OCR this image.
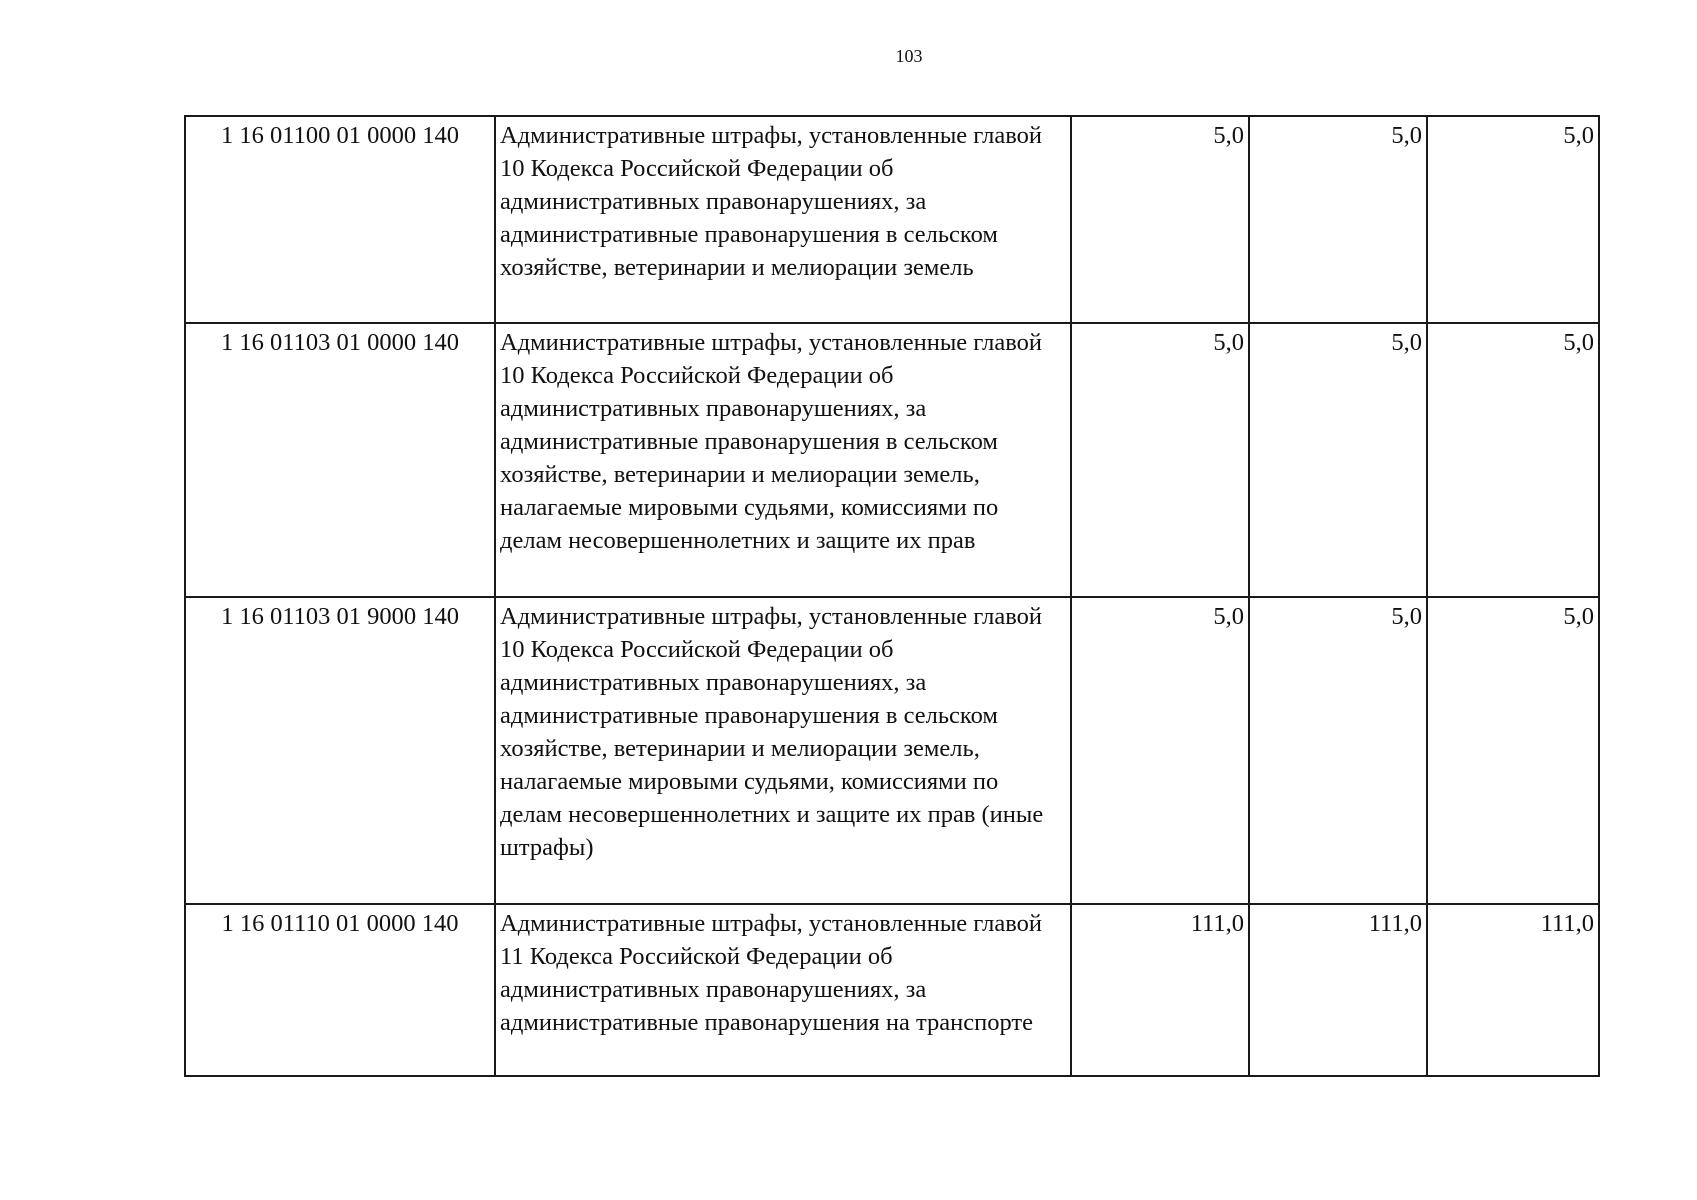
103
1 16 01100 01 0000 140	Административные штрафы, установленные главой 10 Кодекса Российской Федерации об административных правонарушениях, за административные правонарушения в сельском хозяйстве, ветеринарии и мелиорации земель	5,0	5,0	5,0
1 16 01103 01 0000 140	Административные штрафы, установленные главой 10 Кодекса Российской Федерации об административных правонарушениях, за административные правонарушения в сельском хозяйстве, ветеринарии и мелиорации земель, налагаемые мировыми судьями, комиссиями по делам несовершеннолетних и защите их прав	5,0	5,0	5,0
1 16 01103 01 9000 140	Административные штрафы, установленные главой 10 Кодекса Российской Федерации об административных правонарушениях, за административные правонарушения в сельском хозяйстве, ветеринарии и мелиорации земель, налагаемые мировыми судьями, комиссиями по делам несовершеннолетних и защите их прав (иные штрафы)	5,0	5,0	5,0
1 16 01110 01 0000 140	Административные штрафы, установленные главой 11 Кодекса Российской Федерации об административных правонарушениях, за административные правонарушения на транспорте	111,0	111,0	111,0
